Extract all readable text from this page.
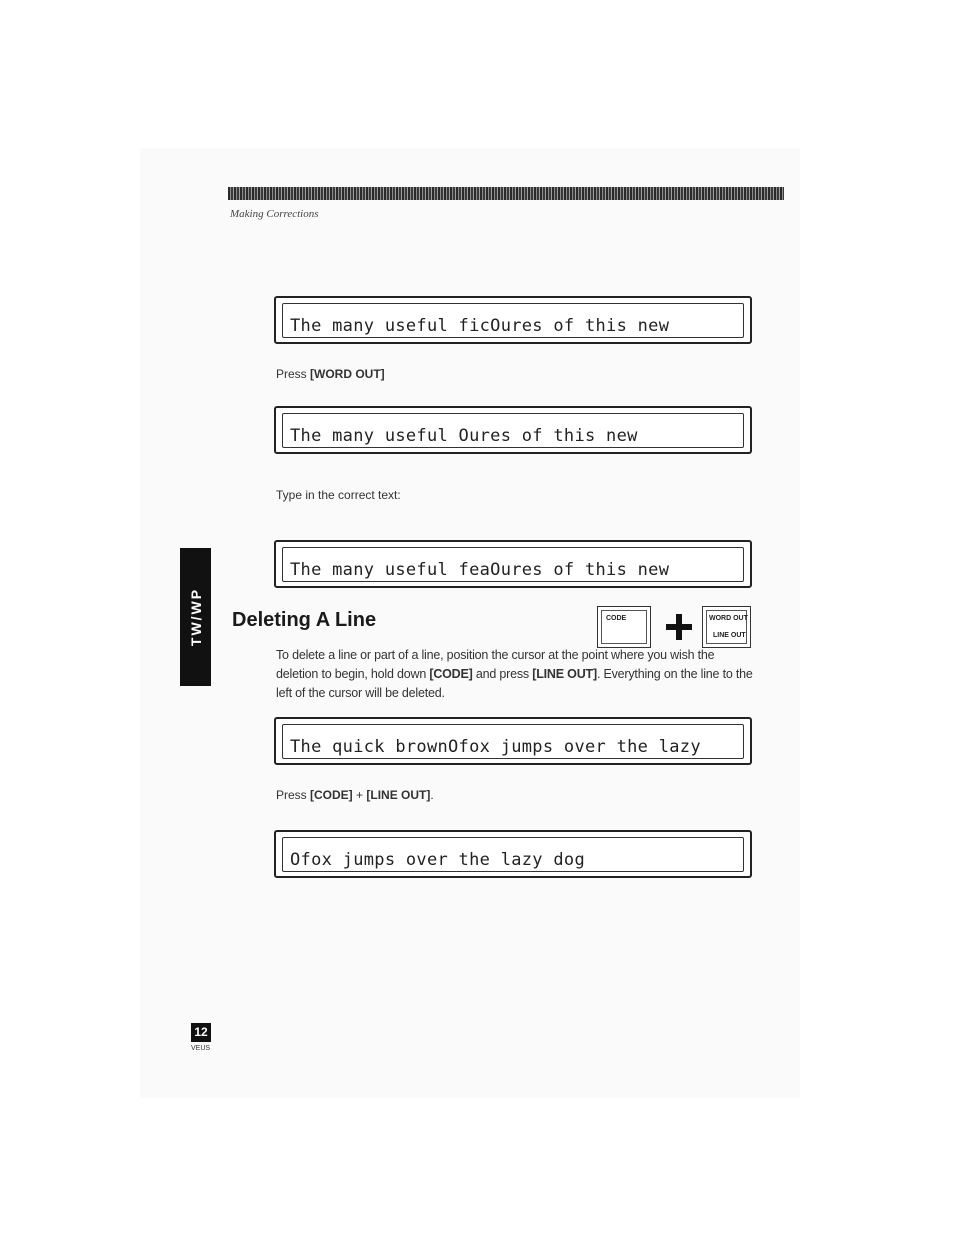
Making Corrections
The many useful ficOures of this new
Press [WORD OUT]
The many useful Oures of this new
Type in the correct text:
The many useful feaOures of this new
TW/WP Deleting A Line	CODE	WORD OUT
LINE OUT
To delete a line or part of a line, position the cursor at the point where you wish the deletion to begin, hold down [CODE] and press [LINE OUT]. Everything on the line to the left of the cursor will be deleted.
The quick brownOfox jumps over the lazy
Press [CODE] + [LINE OUT].
Ofox jumps over the lazy dog
12
VEUS
